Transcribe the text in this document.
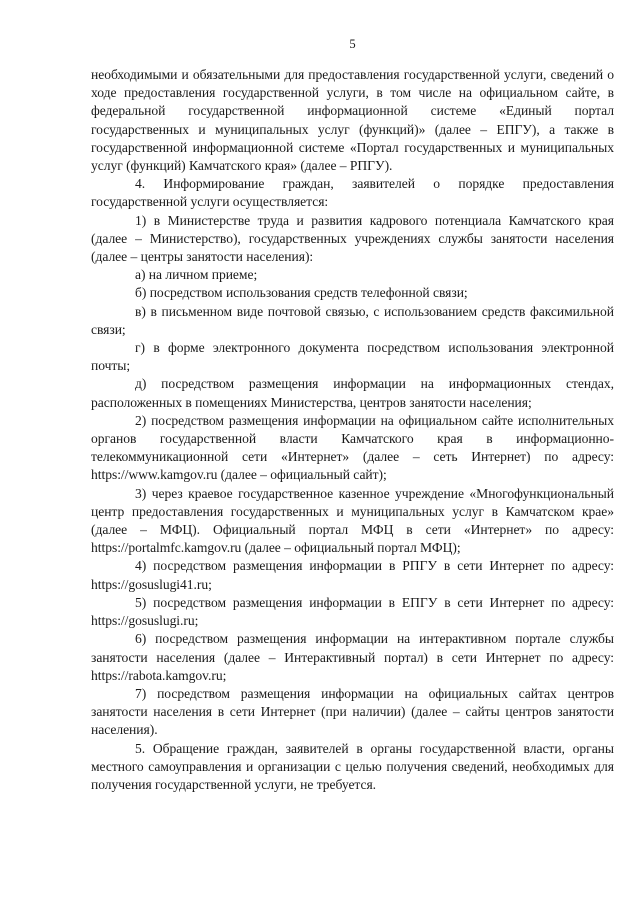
5

необходимыми и обязательными для предоставления государственной услуги, сведений о ходе предоставления государственной услуги, в том числе на официальном сайте, в федеральной государственной информационной системе «Единый портал государственных и муниципальных услуг (функций)» (далее – ЕПГУ), а также в государственной информационной системе «Портал государственных и муниципальных услуг (функций) Камчатского края» (далее – РПГУ).

4. Информирование граждан, заявителей о порядке предоставления государственной услуги осуществляется:

1) в Министерстве труда и развития кадрового потенциала Камчатского края (далее – Министерство), государственных учреждениях службы занятости населения (далее – центры занятости населения):

а) на личном приеме;

б) посредством использования средств телефонной связи;

в) в письменном виде почтовой связью, с использованием средств факсимильной связи;

г) в форме электронного документа посредством использования электронной почты;

д) посредством размещения информации на информационных стендах, расположенных в помещениях Министерства, центров занятости населения;

2) посредством размещения информации на официальном сайте исполнительных органов государственной власти Камчатского края в информационно-телекоммуникационной сети «Интернет» (далее – сеть Интернет) по адресу: https://www.kamgov.ru (далее – официальный сайт);

3) через краевое государственное казенное учреждение «Многофункциональный центр предоставления государственных и муниципальных услуг в Камчатском крае» (далее – МФЦ). Официальный портал МФЦ в сети «Интернет» по адресу: https://portalmfc.kamgov.ru (далее – официальный портал МФЦ);

4) посредством размещения информации в РПГУ в сети Интернет по адресу: https://gosuslugi41.ru;

5) посредством размещения информации в ЕПГУ в сети Интернет по адресу: https://gosuslugi.ru;

6) посредством размещения информации на интерактивном портале службы занятости населения (далее – Интерактивный портал) в сети Интернет по адресу: https://rabota.kamgov.ru;

7) посредством размещения информации на официальных сайтах центров занятости населения в сети Интернет (при наличии) (далее – сайты центров занятости населения).

5. Обращение граждан, заявителей в органы государственной власти, органы местного самоуправления и организации с целью получения сведений, необходимых для получения государственной услуги, не требуется.
